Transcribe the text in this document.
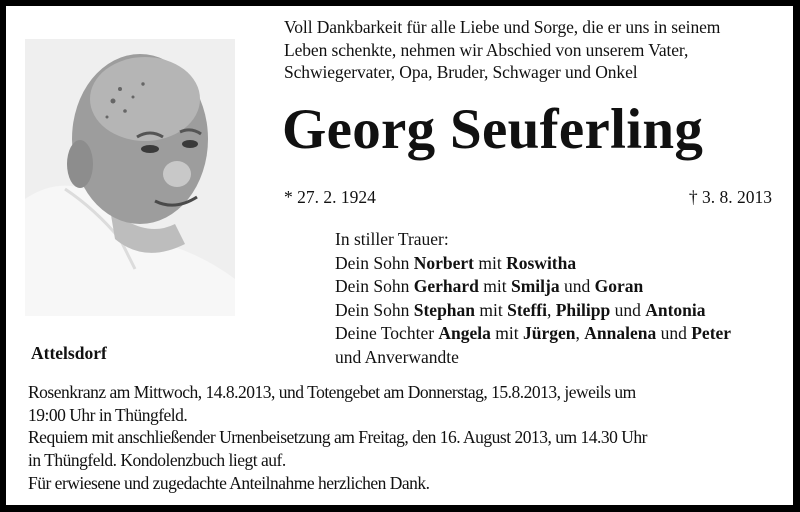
Voll Dankbarkeit für alle Liebe und Sorge, die er uns in seinem
Leben schenkte, nehmen wir Abschied von unserem Vater,
Schwiegervater, Opa, Bruder, Schwager und Onkel
Georg Seuferling
* 27. 2. 1924	† 3. 8. 2013
In stiller Trauer:
Dein Sohn Norbert mit Roswitha
Dein Sohn Gerhard mit Smilja und Goran
Dein Sohn Stephan mit Steffi, Philipp und Antonia
Deine Tochter Angela mit Jürgen, Annalena und Peter
und Anverwandte
Attelsdorf
Rosenkranz am Mittwoch, 14.8.2013, und Totengebet am Donnerstag, 15.8.2013, jeweils um
19:00 Uhr in Thüngfeld.
Requiem mit anschließender Urnenbeisetzung am Freitag, den 16. August 2013, um 14.30 Uhr
in Thüngfeld. Kondolenzbuch liegt auf.
Für erwiesene und zugedachte Anteilnahme herzlichen Dank.
